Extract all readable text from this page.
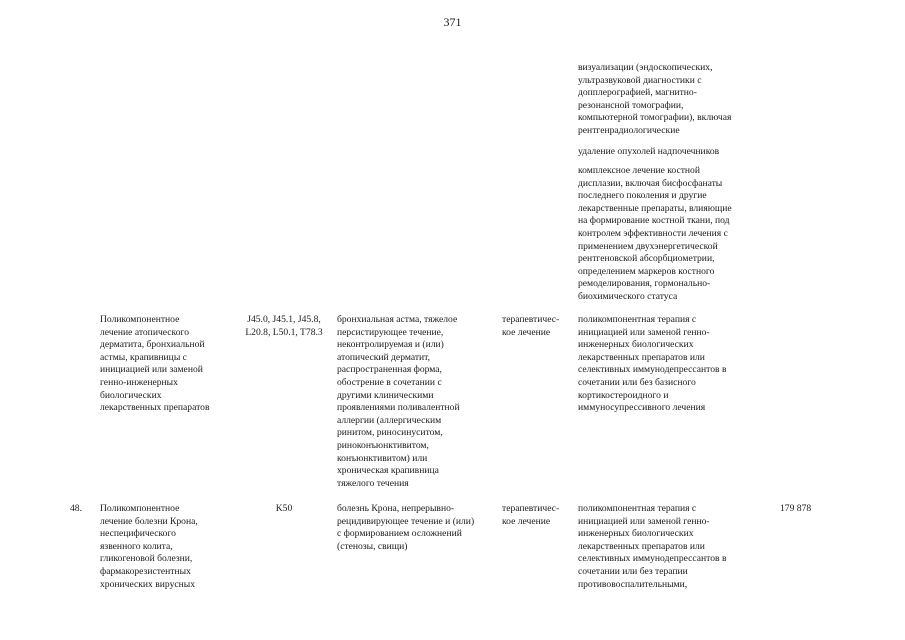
371
визуализации (эндоскопических,
ультразвуковой диагностики с
допплерографией, магнитно-
резонансной томографии,
компьютерной томографии), включая
рентгенрадиологические
удаление опухолей надпочечников
комплексное лечение костной
дисплазии, включая бисфосфанаты
последнего поколения и другие
лекарственные препараты, влияющие
на формирование костной ткани, под
контролем эффективности лечения с
применением двухэнергетической
рентгеновской абсорбциометрии,
определением маркеров костного
ремоделирования, гормонально-
биохимического статуса
Поликомпонентное
лечение атопического
дерматита, бронхиальной
астмы, крапивницы с
инициацией или заменой
генно-инженерных
биологических
лекарственных препаратов
J45.0, J45.1, J45.8,
L20.8, L50.1, T78.3
бронхиальная астма, тяжелое
персистирующее течение,
неконтролируемая и (или)
атопический дерматит,
распространенная форма,
обострение в сочетании с
другими клиническими
проявлениями поливалентной
аллергии (аллергическим
ринитом, риносинуситом,
риноконъюнктивитом,
конъюнктивитом) или
хроническая крапивница
тяжелого течения
терапевтичес-
кое лечение
поликомпонентная терапия с
инициацией или заменой генно-
инженерных биологических
лекарственных препаратов или
селективных иммунодепрессантов в
сочетании или без базисного
кортикостероидного и
иммуносупрессивного лечения
48.	Поликомпонентное
лечение болезни Крона,
неспецифического
язвенного колита,
гликогеновой болезни,
фармакорезистентных
хронических вирусных
K50	болезнь Крона, непрерывно-
рецидивирующее течение и (или)
с формированием осложнений
(стенозы, свищи)
терапевтичес-
кое лечение
поликомпонентная терапия с
инициацией или заменой генно-
инженерных биологических
лекарственных препаратов или
селективных иммунодепрессантов в
сочетании или без терапии
противовоспалительными,
179 878
